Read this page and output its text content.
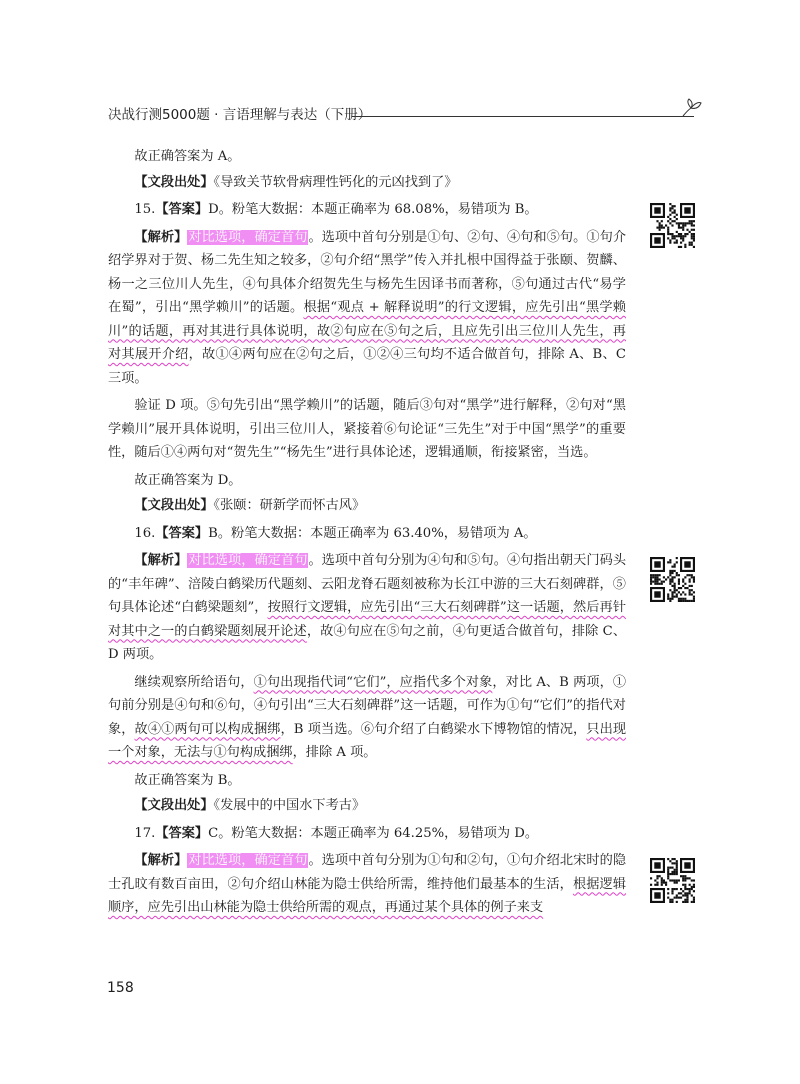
决战行测5000题 · 言语理解与表达（下册）

故正确答案为 A。

【文段出处】《导致关节软骨病理性钙化的元凶找到了》

15.【答案】D。粉笔大数据：本题正确率为 68.08%，易错项为 B。

【解析】对比选项，确定首句。选项中首句分别是①句、②句、④句和⑤句。①句介绍学界对于贺、杨二先生知之较多，②句介绍“黑学”传入并扎根中国得益于张颐、贺麟、杨一之三位川人先生，④句具体介绍贺先生与杨先生因译书而著称，⑤句通过古代“易学在蜀”，引出“黑学赖川”的话题。根据“观点 + 解释说明”的行文逻辑，应先引出“黑学赖川”的话题，再对其进行具体说明，故②句应在⑤句之后，且应先引出三位川人先生，再对其展开介绍，故①④两句应在②句之后，①②④三句均不适合做首句，排除 A、B、C 三项。

验证 D 项。⑤句先引出“黑学赖川”的话题，随后③句对“黑学”进行解释，②句对“黑学赖川”展开具体说明，引出三位川人，紧接着⑥句论证“三先生”对于中国“黑学”的重要性，随后①④两句对“贺先生”“杨先生”进行具体论述，逻辑通顺，衔接紧密，当选。

故正确答案为 D。

【文段出处】《张颐：研新学而怀古风》

16.【答案】B。粉笔大数据：本题正确率为 63.40%，易错项为 A。

【解析】对比选项，确定首句。选项中首句分别为④句和⑤句。④句指出朝天门码头的“丰年碑”、涪陵白鹤梁历代题刻、云阳龙脊石题刻被称为长江中游的三大石刻碑群，⑤句具体论述“白鹤梁题刻”，按照行文逻辑，应先引出“三大石刻碑群”这一话题，然后再针对其中之一的白鹤梁题刻展开论述，故④句应在⑤句之前，④句更适合做首句，排除 C、D 两项。

继续观察所给语句，①句出现指代词“它们”，应指代多个对象，对比 A、B 两项，①句前分别是④句和⑥句，④句引出“三大石刻碑群”这一话题，可作为①句“它们”的指代对象，故④①两句可以构成捆绑，B 项当选。⑥句介绍了白鹤梁水下博物馆的情况，只出现一个对象，无法与①句构成捆绑，排除 A 项。

故正确答案为 B。

【文段出处】《发展中的中国水下考古》

17.【答案】C。粉笔大数据：本题正确率为 64.25%，易错项为 D。

【解析】对比选项，确定首句。选项中首句分别为①句和②句，①句介绍北宋时的隐士孔旼有数百亩田，②句介绍山林能为隐士供给所需，维持他们最基本的生活，根据逻辑顺序，应先引出山林能为隐士供给所需的观点，再通过某个具体的例子来支

158
